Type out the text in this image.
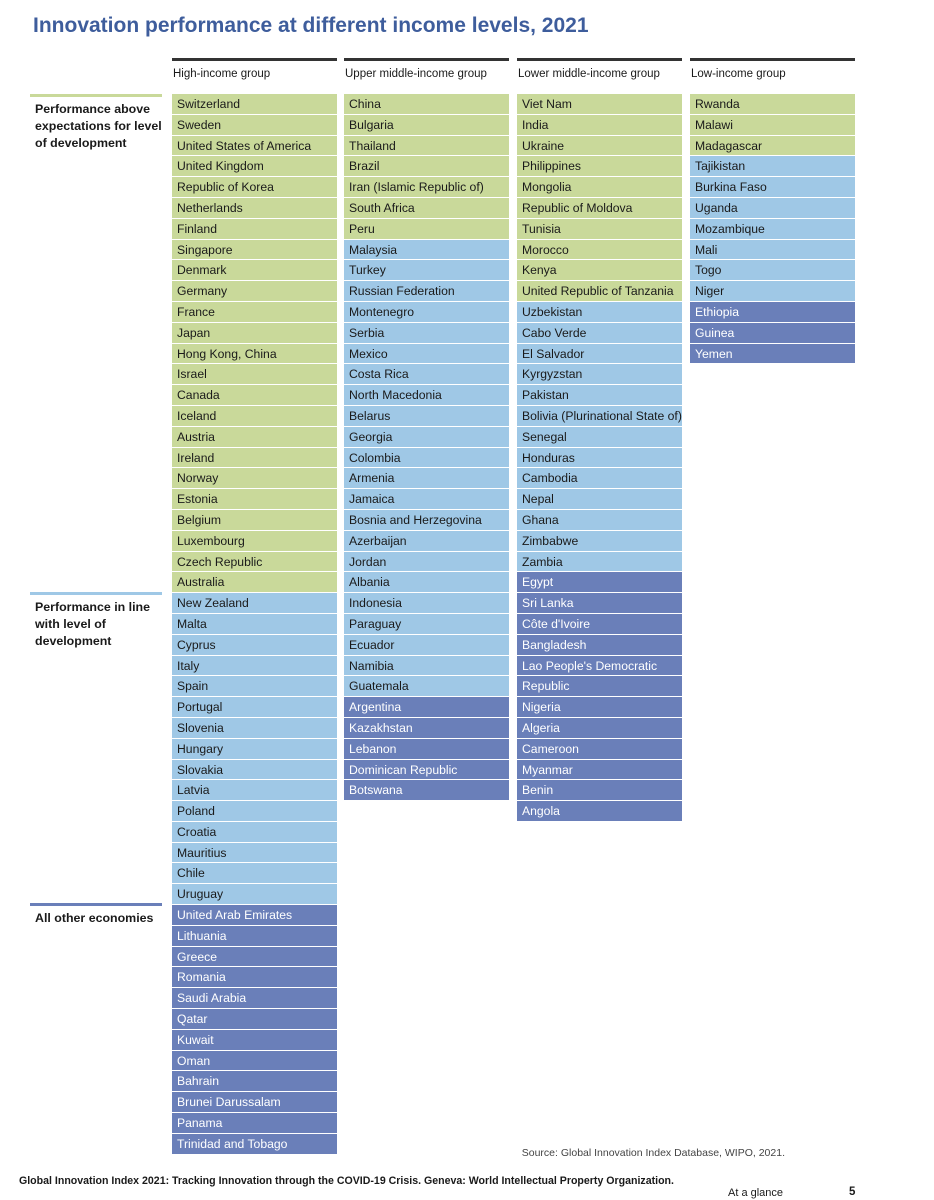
Innovation performance at different income levels, 2021
Performance above expectations for level of development
Performance in line with level of development
All other economies
High-income group
Switzerland
Sweden
United States of America
United Kingdom
Republic of Korea
Netherlands
Finland
Singapore
Denmark
Germany
France
Japan
Hong Kong, China
Israel
Canada
Iceland
Austria
Ireland
Norway
Estonia
Belgium
Luxembourg
Czech Republic
Australia
New Zealand
Malta
Cyprus
Italy
Spain
Portugal
Slovenia
Hungary
Slovakia
Latvia
Poland
Croatia
Mauritius
Chile
Uruguay
United Arab Emirates
Lithuania
Greece
Romania
Saudi Arabia
Qatar
Kuwait
Oman
Bahrain
Brunei Darussalam
Panama
Trinidad and Tobago
Upper middle-income group
China
Bulgaria
Thailand
Brazil
Iran (Islamic Republic of)
South Africa
Peru
Malaysia
Turkey
Russian Federation
Montenegro
Serbia
Mexico
Costa Rica
North Macedonia
Belarus
Georgia
Colombia
Armenia
Jamaica
Bosnia and Herzegovina
Azerbaijan
Jordan
Albania
Indonesia
Paraguay
Ecuador
Namibia
Guatemala
Argentina
Kazakhstan
Lebanon
Dominican Republic
Botswana
Lower middle-income group
Viet Nam
India
Ukraine
Philippines
Mongolia
Republic of Moldova
Tunisia
Morocco
Kenya
United Republic of Tanzania
Uzbekistan
Cabo Verde
El Salvador
Kyrgyzstan
Pakistan
Bolivia (Plurinational State of)
Senegal
Honduras
Cambodia
Nepal
Ghana
Zimbabwe
Zambia
Egypt
Sri Lanka
Côte d'Ivoire
Bangladesh
Lao People's Democratic
Republic
Nigeria
Algeria
Cameroon
Myanmar
Benin
Angola
Low-income group
Rwanda
Malawi
Madagascar
Tajikistan
Burkina Faso
Uganda
Mozambique
Mali
Togo
Niger
Ethiopia
Guinea
Yemen
Source: Global Innovation Index Database, WIPO, 2021.
Global Innovation Index 2021: Tracking Innovation through the COVID-19 Crisis. Geneva: World Intellectual Property Organization.
At a glance	5
